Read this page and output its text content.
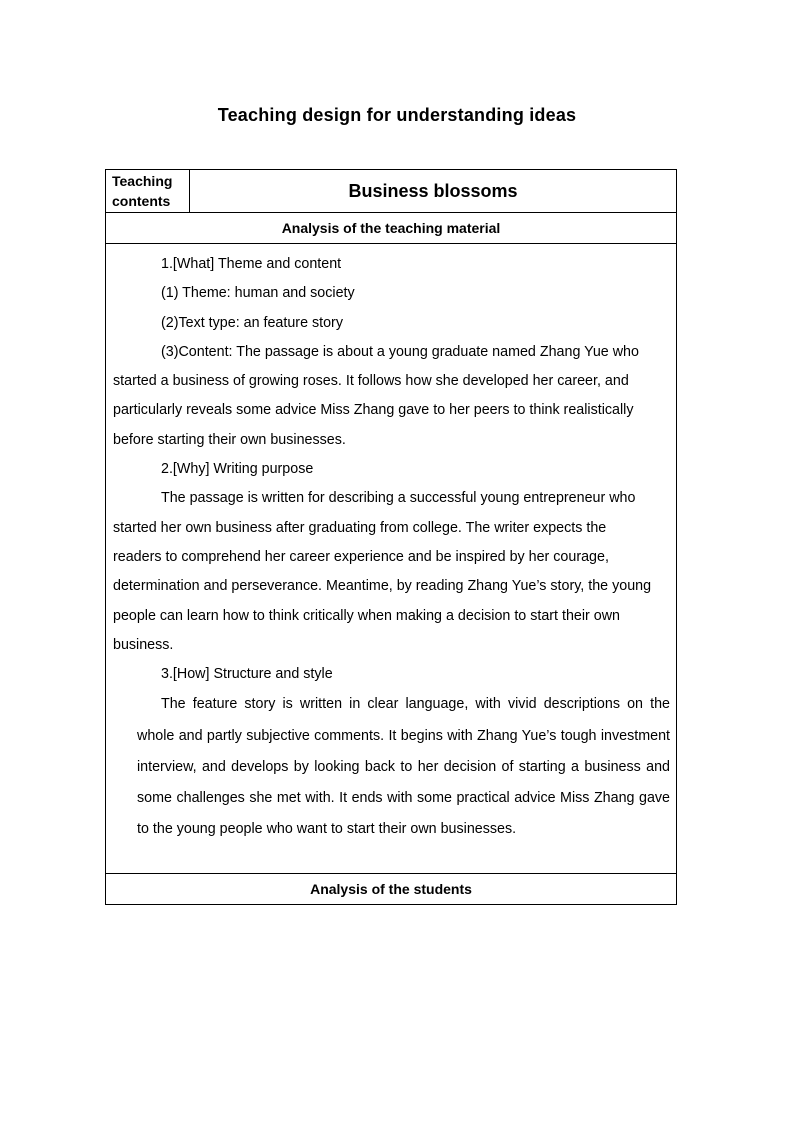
Teaching design for understanding ideas
Teaching contents	Business blossoms
Analysis of the teaching material

1.[What] Theme and content
(1) Theme: human and society
(2)Text type: an feature story
(3)Content: The passage is about a young graduate named Zhang Yue who
started a business of growing roses. It follows how she developed her career, and
particularly reveals some advice Miss Zhang gave to her peers to think realistically
before starting their own businesses.
2.[Why] Writing purpose
The passage is written for describing a successful young entrepreneur who
started her own business after graduating from college. The writer expects the
readers to comprehend her career experience and be inspired by her courage,
determination and perseverance. Meantime, by reading Zhang Yue’s story, the young
people can learn how to think critically when making a decision to start their own
business.
3.[How] Structure and style
The feature story is written in clear language, with vivid descriptions on the whole and partly subjective comments. It begins with Zhang Yue’s tough investment interview, and develops by looking back to her decision of starting a business and some challenges she met with. It ends with some practical advice Miss Zhang gave to the young people who want to start their own businesses.

Analysis of the students
